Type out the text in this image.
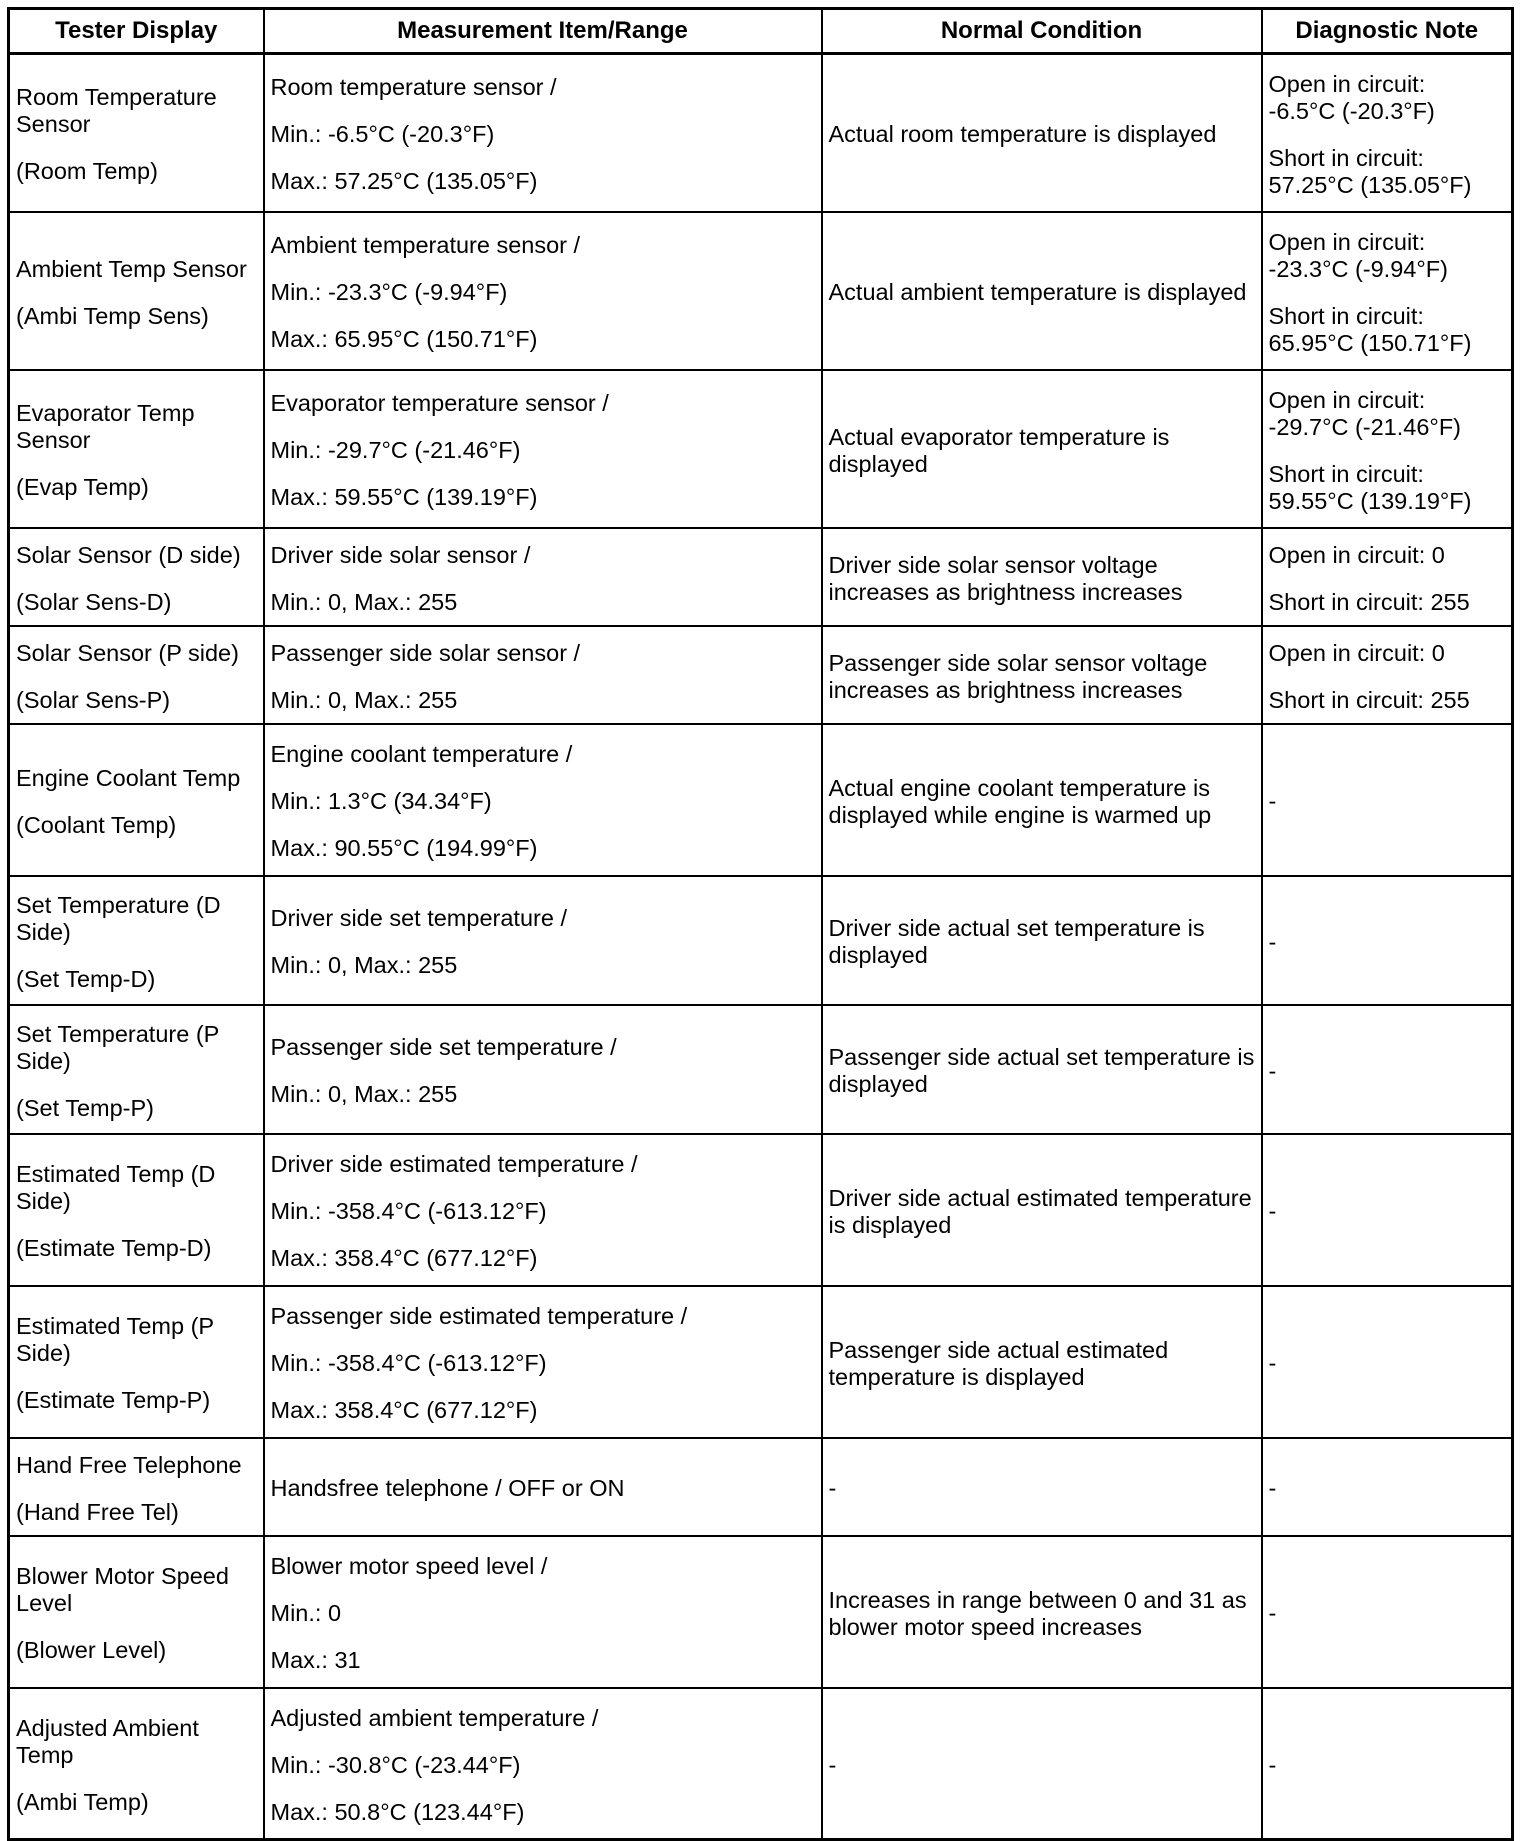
Tester Display	Measurement Item/Range	Normal Condition	Diagnostic Note

Room Temperature Sensor
(Room Temp)	Room temperature sensor /
Min.: -6.5°C (-20.3°F)
Max.: 57.25°C (135.05°F)	Actual room temperature is displayed	Open in circuit:
-6.5°C (-20.3°F)
Short in circuit:
57.25°C (135.05°F)

Ambient Temp Sensor
(Ambi Temp Sens)	Ambient temperature sensor /
Min.: -23.3°C (-9.94°F)
Max.: 65.95°C (150.71°F)	Actual ambient temperature is displayed	Open in circuit:
-23.3°C (-9.94°F)
Short in circuit:
65.95°C (150.71°F)

Evaporator Temp Sensor
(Evap Temp)	Evaporator temperature sensor /
Min.: -29.7°C (-21.46°F)
Max.: 59.55°C (139.19°F)	Actual evaporator temperature is displayed	Open in circuit:
-29.7°C (-21.46°F)
Short in circuit:
59.55°C (139.19°F)

Solar Sensor (D side)
(Solar Sens-D)	Driver side solar sensor /
Min.: 0, Max.: 255	Driver side solar sensor voltage increases as brightness increases	Open in circuit: 0
Short in circuit: 255

Solar Sensor (P side)
(Solar Sens-P)	Passenger side solar sensor /
Min.: 0, Max.: 255	Passenger side solar sensor voltage increases as brightness increases	Open in circuit: 0
Short in circuit: 255

Engine Coolant Temp
(Coolant Temp)	Engine coolant temperature /
Min.: 1.3°C (34.34°F)
Max.: 90.55°C (194.99°F)	Actual engine coolant temperature is displayed while engine is warmed up	-

Set Temperature (D Side)
(Set Temp-D)	Driver side set temperature /
Min.: 0, Max.: 255	Driver side actual set temperature is displayed	-

Set Temperature (P Side)
(Set Temp-P)	Passenger side set temperature /
Min.: 0, Max.: 255	Passenger side actual set temperature is displayed	-

Estimated Temp (D Side)
(Estimate Temp-D)	Driver side estimated temperature /
Min.: -358.4°C (-613.12°F)
Max.: 358.4°C (677.12°F)	Driver side actual estimated temperature is displayed	-

Estimated Temp (P Side)
(Estimate Temp-P)	Passenger side estimated temperature /
Min.: -358.4°C (-613.12°F)
Max.: 358.4°C (677.12°F)	Passenger side actual estimated temperature is displayed	-

Hand Free Telephone
(Hand Free Tel)	Handsfree telephone / OFF or ON	-	-

Blower Motor Speed Level
(Blower Level)	Blower motor speed level /
Min.: 0
Max.: 31	Increases in range between 0 and 31 as blower motor speed increases	-

Adjusted Ambient Temp
(Ambi Temp)	Adjusted ambient temperature /
Min.: -30.8°C (-23.44°F)
Max.: 50.8°C (123.44°F)	-	-
